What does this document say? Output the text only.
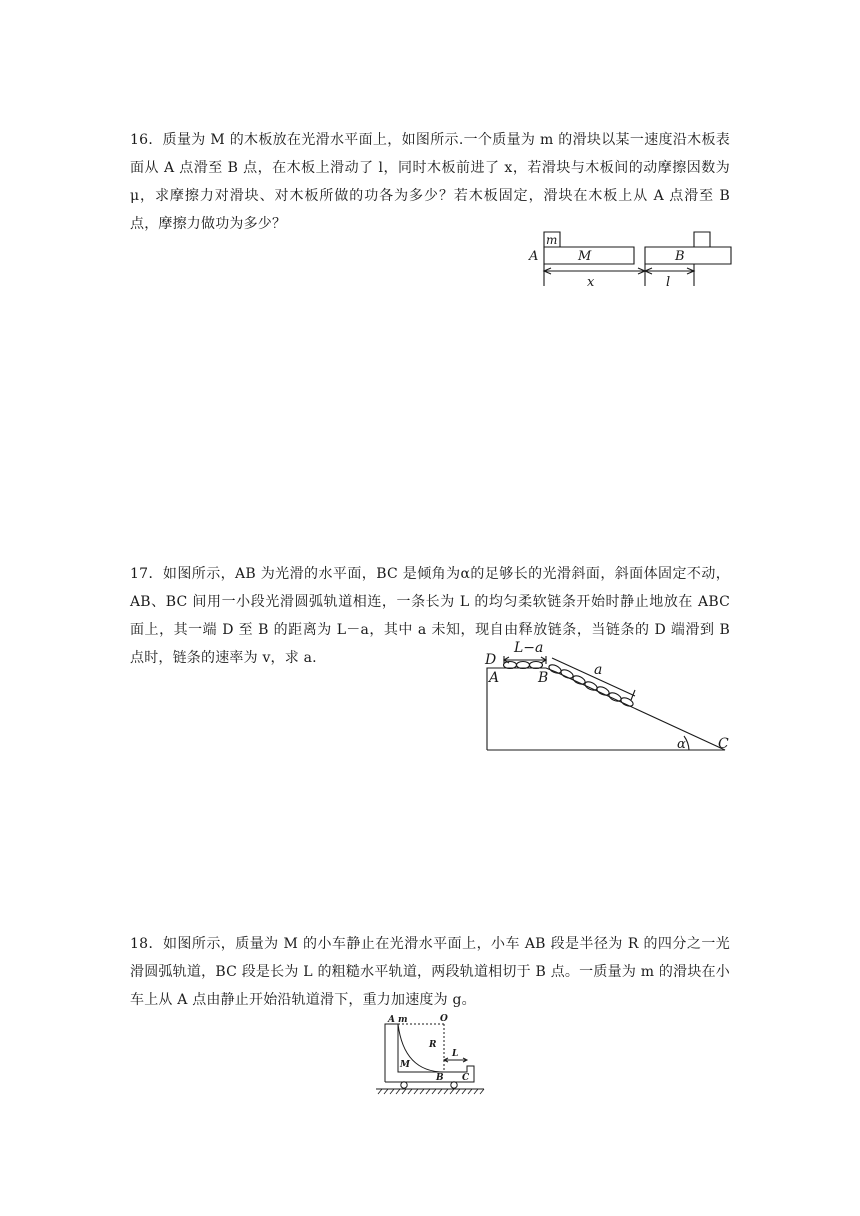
16．质量为 M 的木板放在光滑水平面上，如图所示.一个质量为 m 的滑块以某一速度沿木板表面从 A 点滑至 B 点，在木板上滑动了 l，同时木板前进了 x，若滑块与木板间的动摩擦因数为μ，求摩擦力对滑块、对木板所做的功各为多少？若木板固定，滑块在木板上从 A 点滑至 B 点，摩擦力做功为多少？

m
A	M	B
x	l

17．如图所示，AB 为光滑的水平面，BC 是倾角为α的足够长的光滑斜面，斜面体固定不动，AB、BC 间用一小段光滑圆弧轨道相连，一条长为 L 的均匀柔软链条开始时静止地放在 ABC 面上，其一端 D 至 B 的距离为 L－a，其中 a 未知，现自由释放链条，当链条的 D 端滑到 B 点时，链条的速率为 v，求 a.	D
A	B
L−a
a
α C

18．如图所示，质量为 M 的小车静止在光滑水平面上，小车 AB 段是半径为 R 的四分之一光滑圆弧轨道，BC 段是长为 L 的粗糙水平轨道，两段轨道相切于 B 点。一质量为 m 的滑块在小车上从 A 点由静止开始沿轨道滑下，重力加速度为 g。

A m	O
R
L
M
B C
